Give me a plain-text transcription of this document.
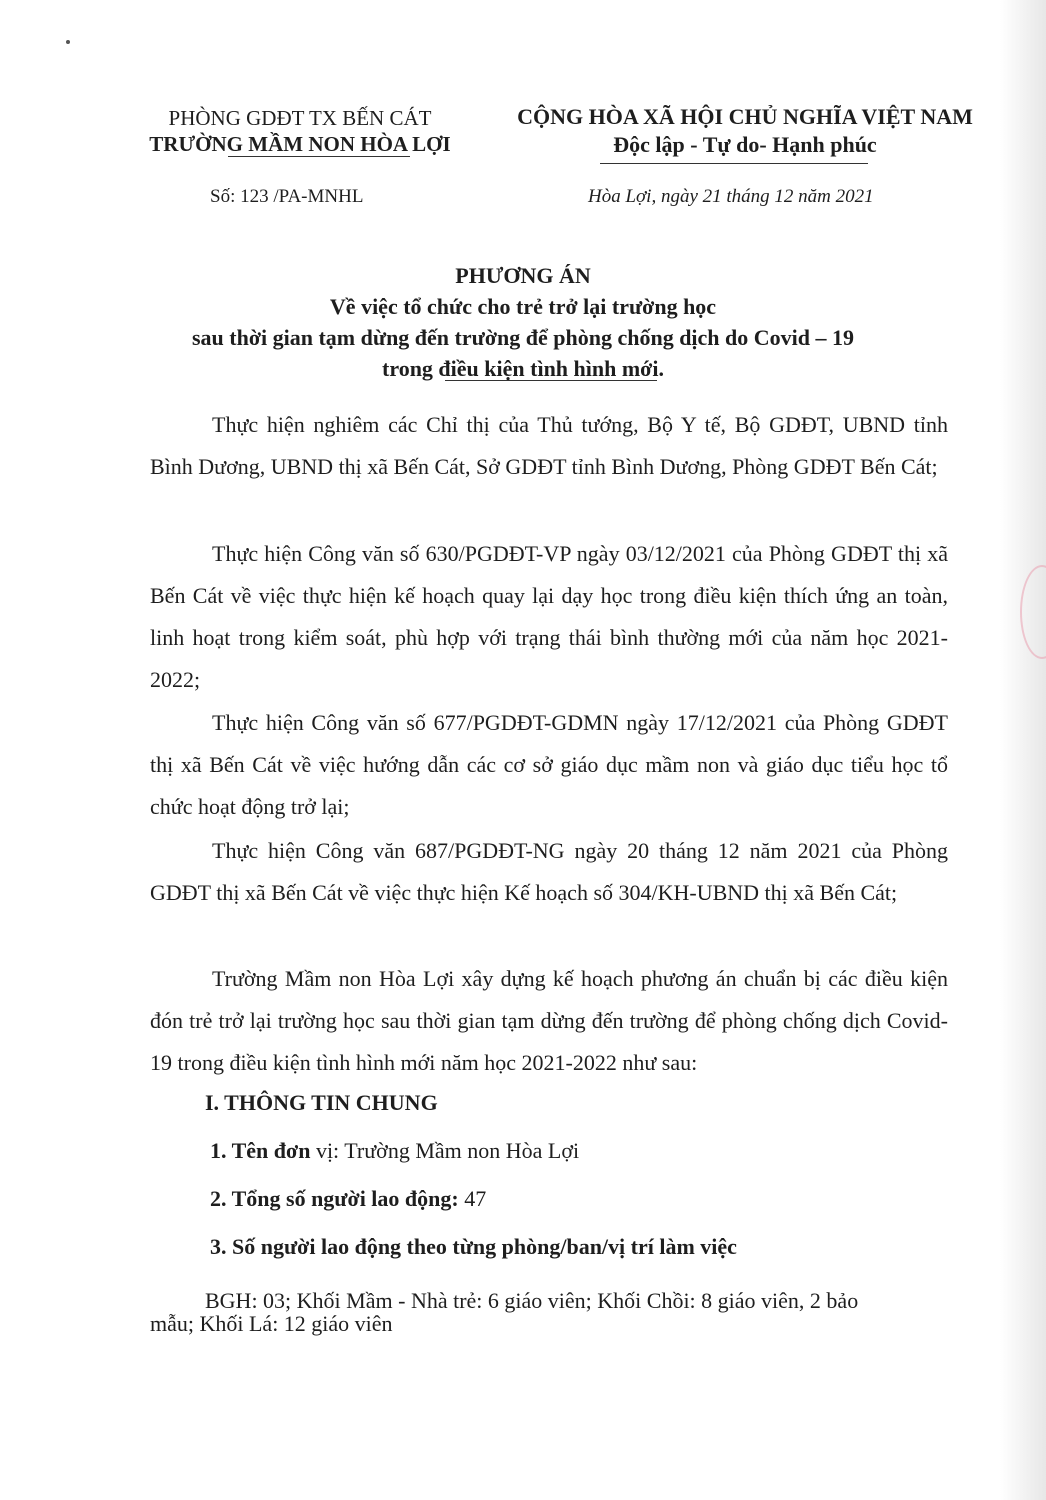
PHÒNG GDĐT TX BẾN CÁT
TRƯỜNG MẦM NON HÒA LỢI
CỘNG HÒA XÃ HỘI CHỦ NGHĨA VIỆT NAM
Độc lập - Tự do- Hạnh phúc
Số: 123 /PA-MNHL	Hòa Lợi, ngày 21 tháng 12 năm 2021
PHƯƠNG ÁN
Về việc tổ chức cho trẻ trở lại trường học
sau thời gian tạm dừng đến trường để phòng chống dịch do Covid – 19
trong điều kiện tình hình mới.
Thực hiện nghiêm các Chỉ thị của Thủ tướng, Bộ Y tế, Bộ GDĐT, UBND tỉnh Bình Dương, UBND thị xã Bến Cát, Sở GDĐT tỉnh Bình Dương, Phòng GDĐT Bến Cát;
Thực hiện Công văn số 630/PGDĐT-VP ngày 03/12/2021 của Phòng GDĐT thị xã Bến Cát về việc thực hiện kế hoạch quay lại dạy học trong điều kiện thích ứng an toàn, linh hoạt trong kiểm soát, phù hợp với trạng thái bình thường mới của năm học 2021-2022;
Thực hiện Công văn số 677/PGDĐT-GDMN ngày 17/12/2021 của Phòng GDĐT thị xã Bến Cát về việc hướng dẫn các cơ sở giáo dục mầm non và giáo dục tiểu học tổ chức hoạt động trở lại;
Thực hiện Công văn 687/PGDĐT-NG ngày 20 tháng 12 năm 2021 của Phòng GDĐT thị xã Bến Cát về việc thực hiện Kế hoạch số 304/KH-UBND thị xã Bến Cát;
Trường Mầm non Hòa Lợi xây dựng kế hoạch phương án chuẩn bị các điều kiện đón trẻ trở lại trường học sau thời gian tạm dừng đến trường để phòng chống dịch Covid-19 trong điều kiện tình hình mới năm học 2021-2022 như sau:
I. THÔNG TIN CHUNG
1. Tên đơn vị: Trường Mầm non Hòa Lợi
2. Tổng số người lao động: 47
3. Số người lao động theo từng phòng/ban/vị trí làm việc
BGH: 03; Khối Mầm - Nhà trẻ: 6 giáo viên; Khối Chồi: 8 giáo viên, 2 bảo
mẫu; Khối Lá: 12 giáo viên
